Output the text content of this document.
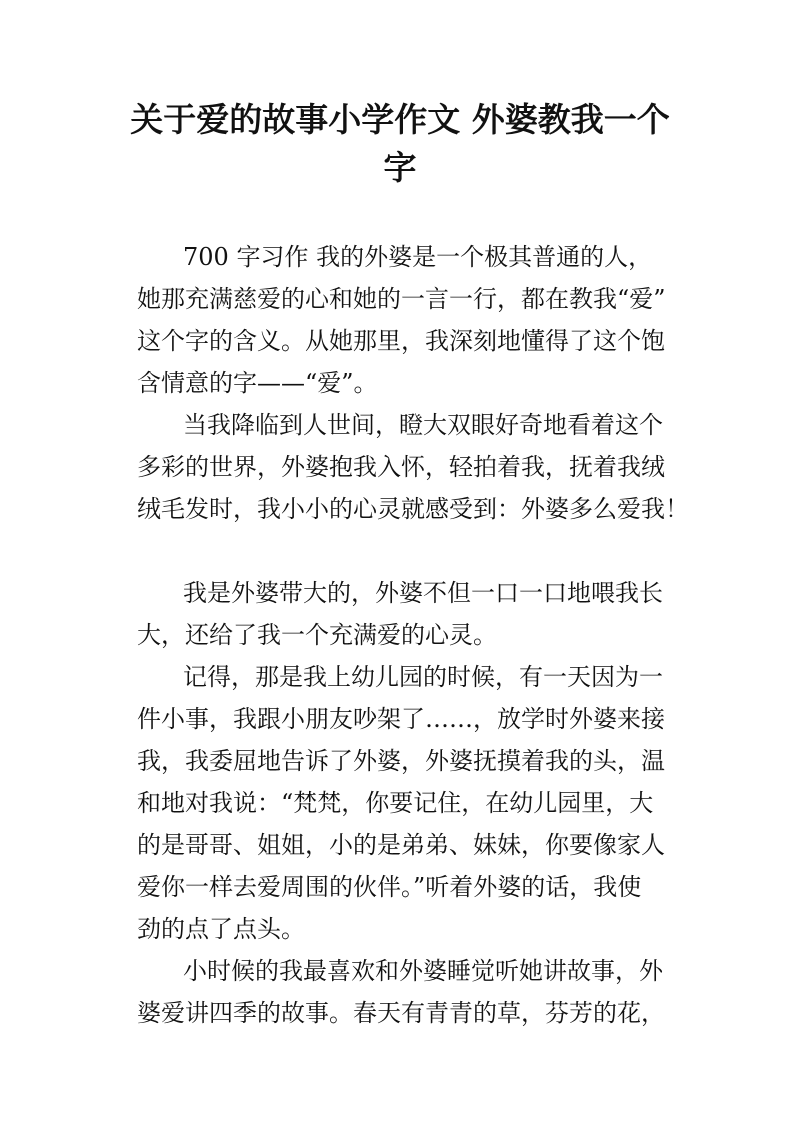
关于爱的故事小学作文 外婆教我一个
字

700 字习作 我的外婆是一个极其普通的人，

她那充满慈爱的心和她的一言一行，都在教我“爱”

这个字的含义。从她那里，我深刻地懂得了这个饱

含情意的字——“爱”。

当我降临到人世间，瞪大双眼好奇地看着这个

多彩的世界，外婆抱我入怀，轻拍着我，抚着我绒

绒毛发时，我小小的心灵就感受到：外婆多么爱我！

我是外婆带大的，外婆不但一口一口地喂我长

大，还给了我一个充满爱的心灵。

记得，那是我上幼儿园的时候，有一天因为一

件小事，我跟小朋友吵架了……，放学时外婆来接

我，我委屈地告诉了外婆，外婆抚摸着我的头，温

和地对我说：“梵梵，你要记住，在幼儿园里，大

的是哥哥、姐姐，小的是弟弟、妹妹，你要像家人

爱你一样去爱周围的伙伴。”听着外婆的话，我使

劲的点了点头。

小时候的我最喜欢和外婆睡觉听她讲故事，外

婆爱讲四季的故事。春天有青青的草，芬芳的花，
